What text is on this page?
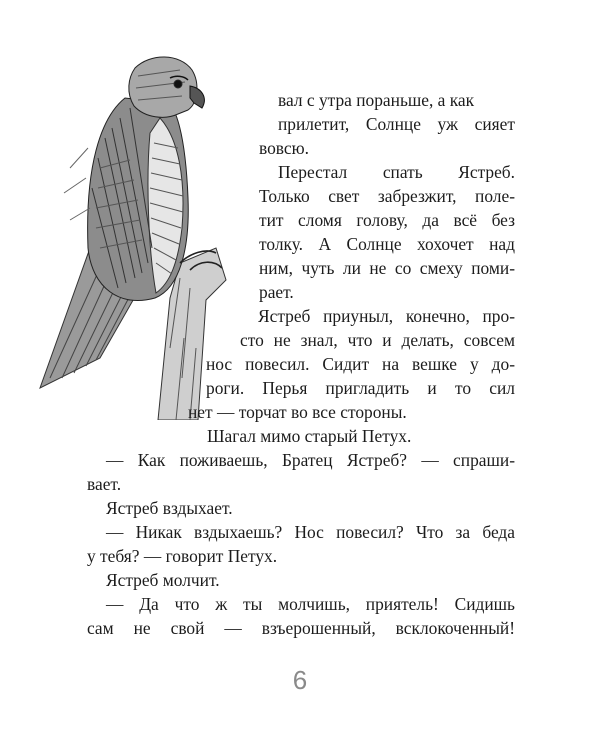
вал с утра пораньше, а как
прилетит, Солнце уж сияет
вовсю.
Перестал спать Ястреб.
Только свет забрезжит, поле-
тит сломя голову, да всё без
толку. А Солнце хохочет над
ним, чуть ли не со смеху поми-
рает.
Ястреб приуныл, конечно, про-
сто не знал, что и делать, совсем
нос повесил. Сидит на вешке у до-
роги. Перья пригладить и то сил
нет — торчат во все стороны.
Шагал мимо старый Петух.
— Как поживаешь, Братец Ястреб? — спраши-
вает.
Ястреб вздыхает.
— Никак вздыхаешь? Нос повесил? Что за беда
у тебя? — говорит Петух.
Ястреб молчит.
— Да что ж ты молчишь, приятель! Сидишь
сам не свой — взъерошенный, всклокоченный!
6
